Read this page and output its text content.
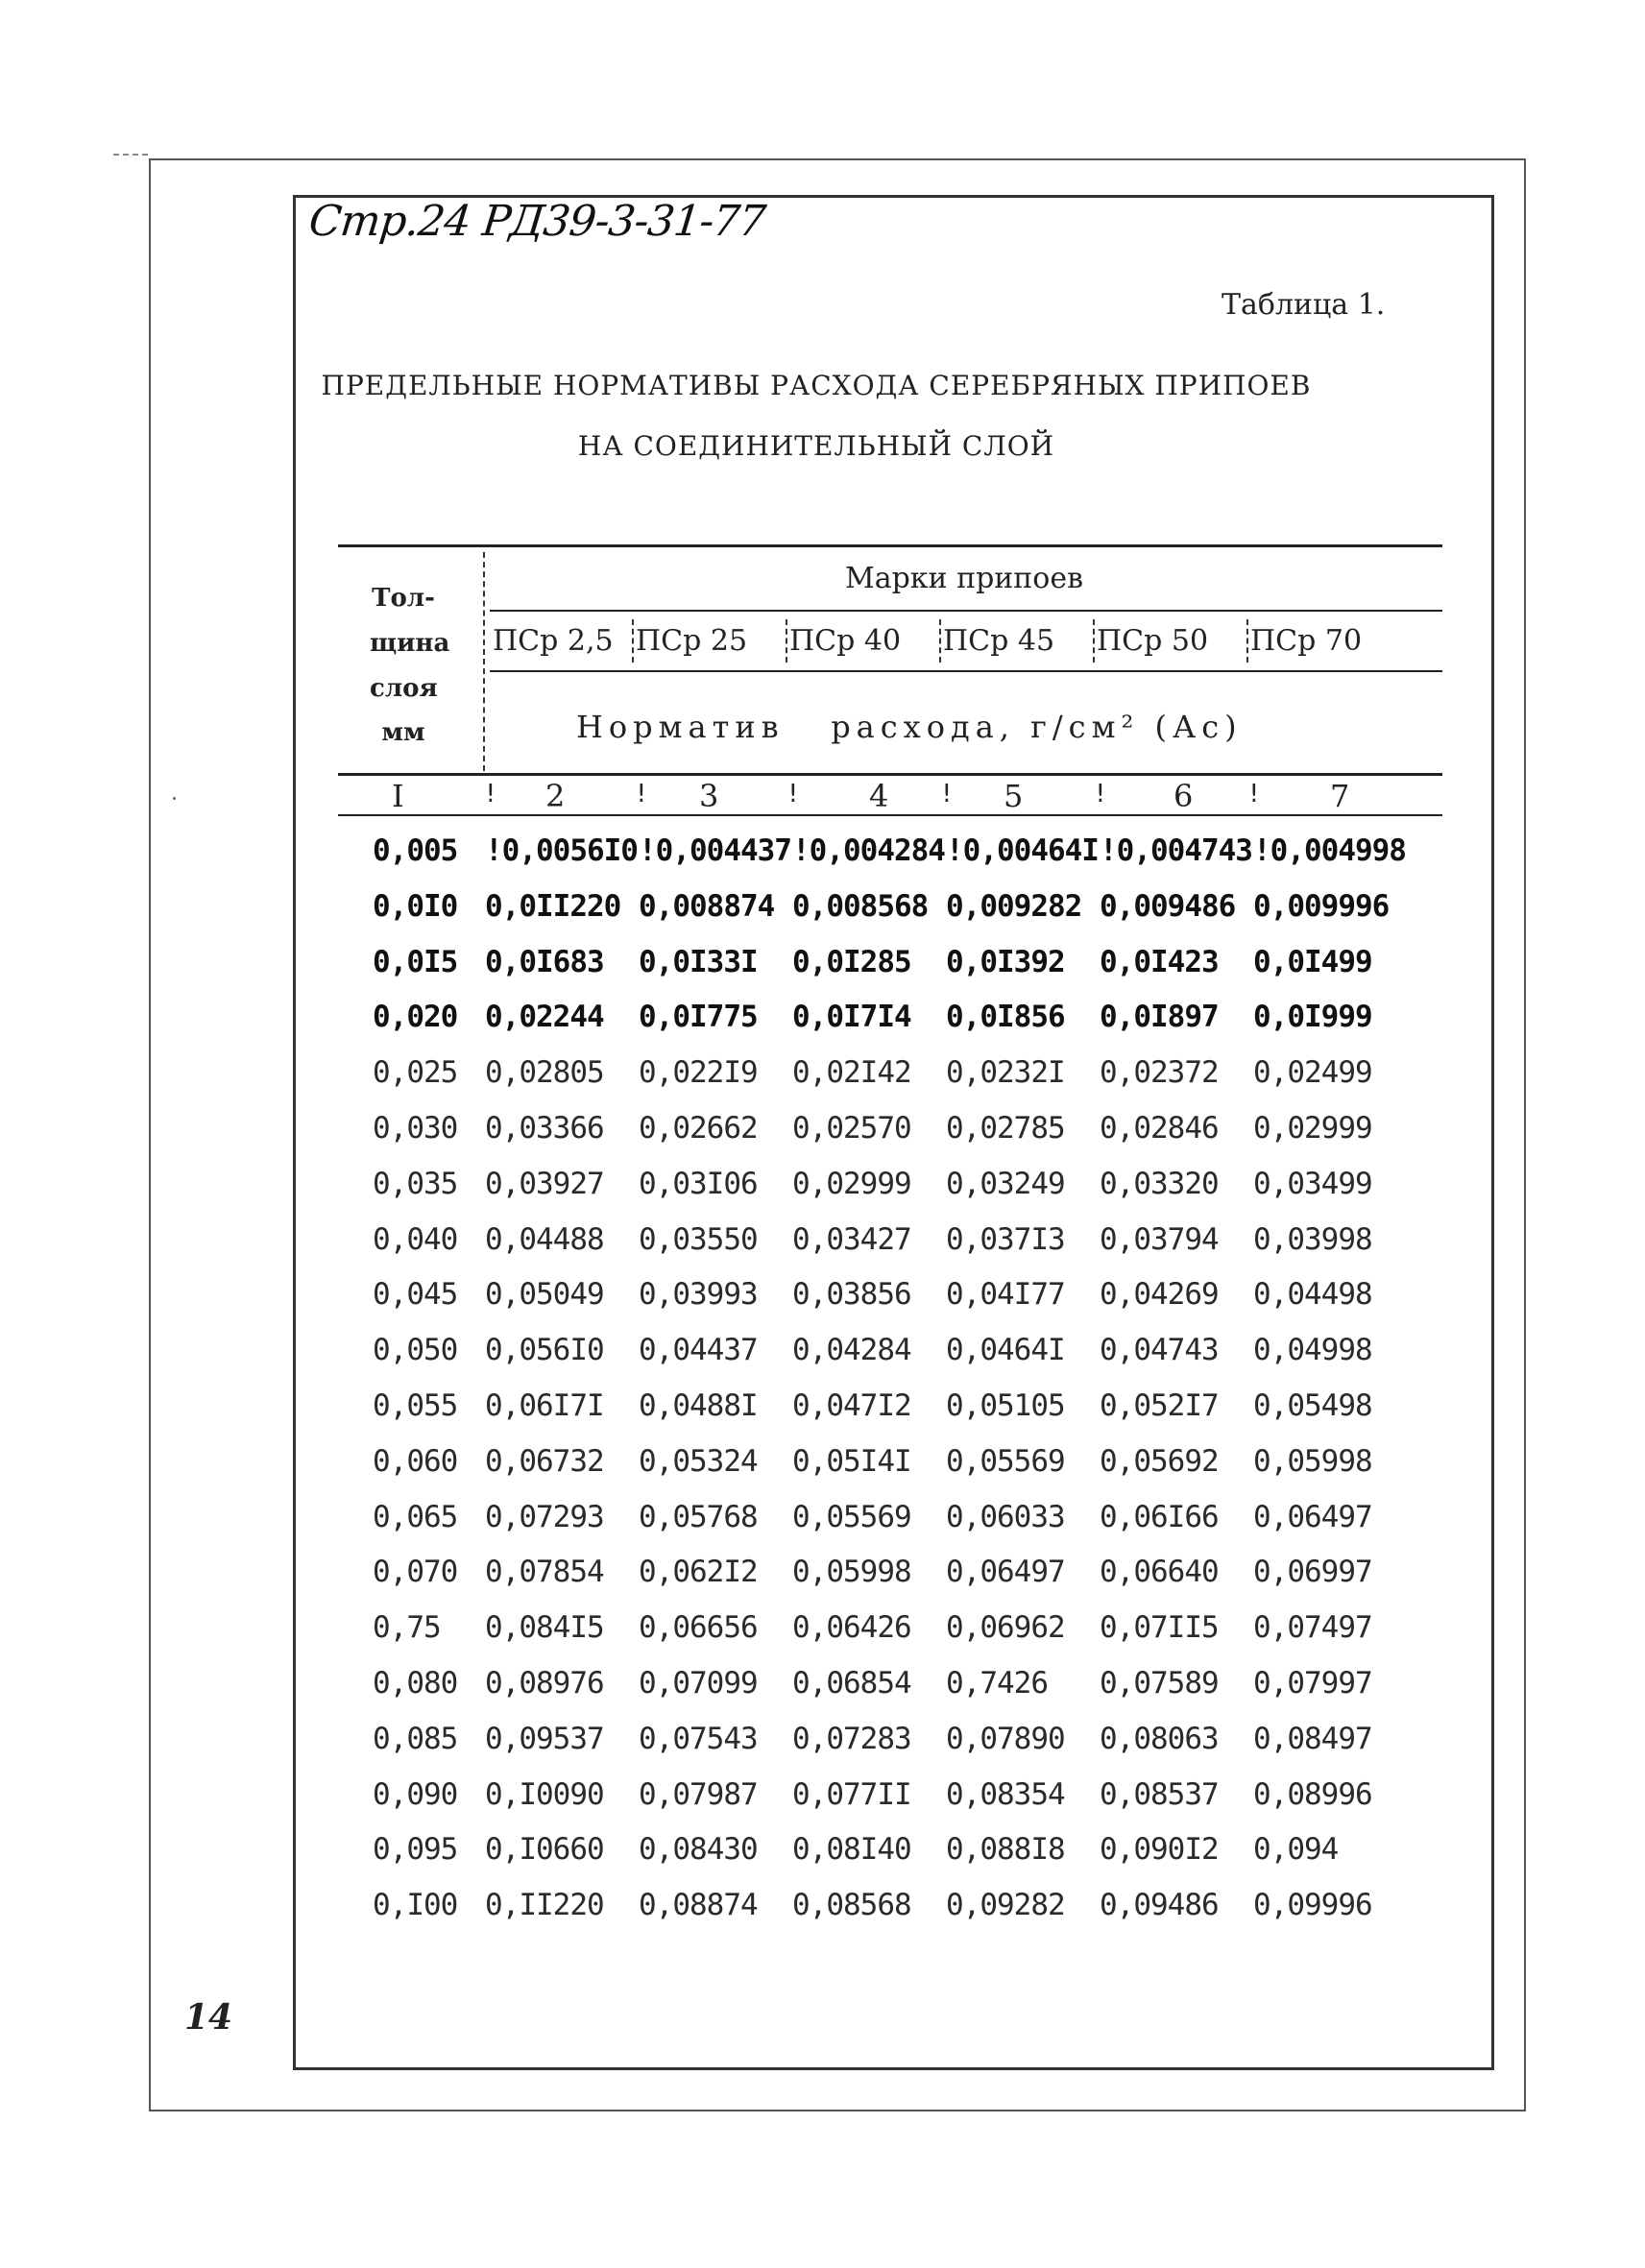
Стр.24 РД39-3-31-77
Таблица 1.
ПРЕДЕЛЬНЫЕ НОРМАТИВЫ РАСХОДА СЕРЕБРЯНЫХ ПРИПОЕВ
НА СОЕДИНИТЕЛЬНЫЙ СЛОЙ
Тол-
щина
слоя
мм
Марки припоев
ПСр 2,5 ПСр 25 ПСр 40 ПСр 45 ПСр 50 ПСр 70
Норматив   расхода, г/см² (Ас)
I	2	3	4	5	6	7
!	!	!	!	!	!
0,005 !0,0056I0 !0,004437 !0,004284 !0,00464I !0,004743 !0,004998
0,0I0 0,0II220 0,008874 0,008568 0,009282 0,009486 0,009996
0,0I5 0,0I683 0,0I33I 0,0I285 0,0I392 0,0I423 0,0I499
0,020 0,02244 0,0I775 0,0I7I4 0,0I856 0,0I897 0,0I999
0,025 0,02805 0,022I9 0,02I42 0,0232I 0,02372 0,02499
0,030 0,03366 0,02662 0,02570 0,02785 0,02846 0,02999
0,035 0,03927 0,03I06 0,02999 0,03249 0,03320 0,03499
0,040 0,04488 0,03550 0,03427 0,037I3 0,03794 0,03998
0,045 0,05049 0,03993 0,03856 0,04I77 0,04269 0,04498
0,050 0,056I0 0,04437 0,04284 0,0464I 0,04743 0,04998
0,055 0,06I7I 0,0488I 0,047I2 0,05105 0,052I7 0,05498
0,060 0,06732 0,05324 0,05I4I 0,05569 0,05692 0,05998
0,065 0,07293 0,05768 0,05569 0,06033 0,06I66 0,06497
0,070 0,07854 0,062I2 0,05998 0,06497 0,06640 0,06997
0,75 0,084I5 0,06656 0,06426 0,06962 0,07II5 0,07497
0,080 0,08976 0,07099 0,06854 0,7426 0,07589 0,07997
0,085 0,09537 0,07543 0,07283 0,07890 0,08063 0,08497
0,090 0,I0090 0,07987 0,077II 0,08354 0,08537 0,08996
0,095 0,I0660 0,08430 0,08I40 0,088I8 0,090I2 0,094
0,I00 0,II220 0,08874 0,08568 0,09282 0,09486 0,09996
14
